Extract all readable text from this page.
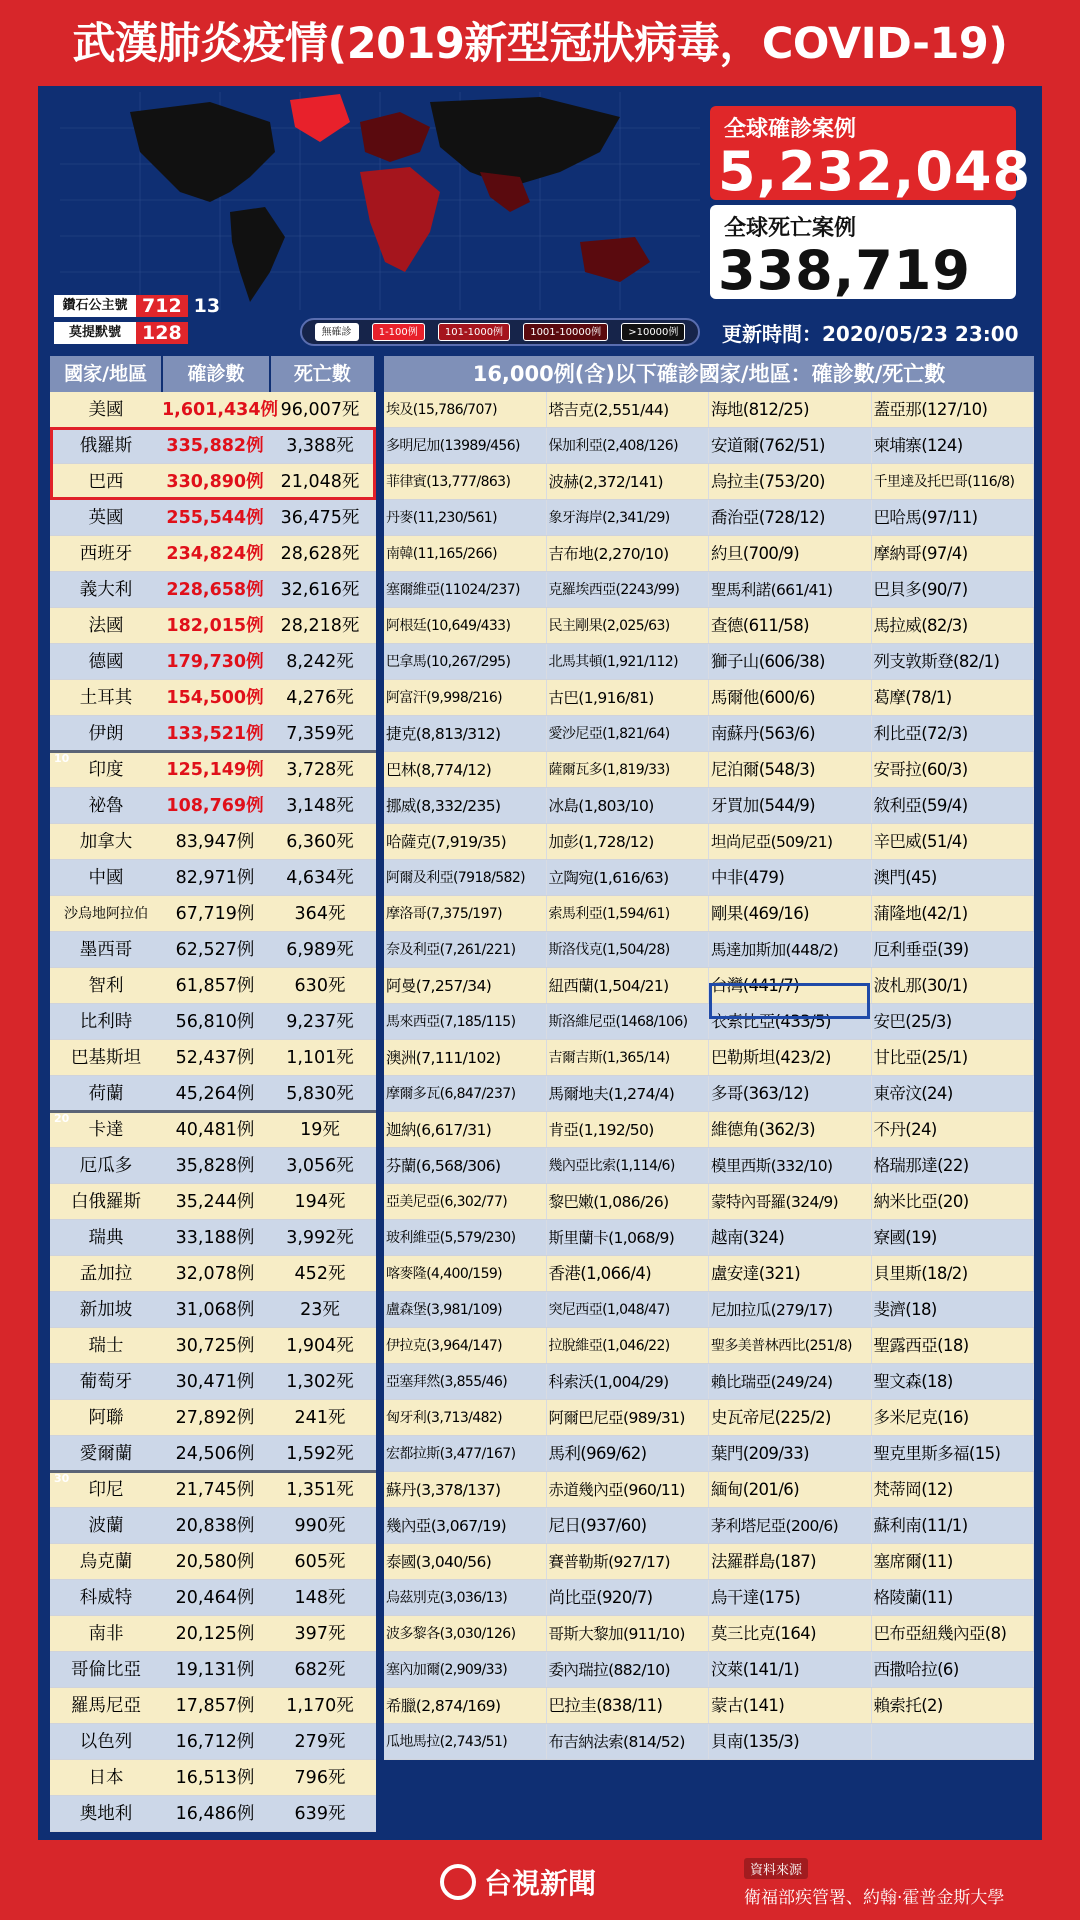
武漢肺炎疫情(2019新型冠狀病毒，COVID-19)
鑽石公主號 712 13
莫提默號	128	無確診	1-100例	101-1000例	1001-10000例	>10000例
全球確診案例
5,232,048
全球死亡案例
338,719
更新時間：2020/05/23 23:00
國家/地區	確診數	死亡數
美國	1,601,434例 96,007死
俄羅斯	335,882例	3,388死
巴西	330,890例 21,048死
英國	255,544例 36,475死
西班牙	234,824例 28,628死
義大利	228,658例 32,616死
法國	182,015例 28,218死
德國	179,730例	8,242死
土耳其	154,500例	4,276死
伊朗	133,521例	7,359死
印度	125,149例	3,728死
祕魯	108,769例	3,148死
加拿大	83,947例	6,360死
中國	82,971例	4,634死
沙烏地阿拉伯	67,719例	364死
墨西哥	62,527例	6,989死
智利	61,857例	630死
比利時	56,810例	9,237死
巴基斯坦	52,437例	1,101死
荷蘭	45,264例	5,830死
卡達	40,481例	19死
厄瓜多	35,828例	3,056死
白俄羅斯	35,244例	194死
瑞典	33,188例	3,992死
孟加拉	32,078例	452死
新加坡	31,068例	23死
瑞士	30,725例	1,904死
葡萄牙	30,471例	1,302死
阿聯	27,892例	241死
愛爾蘭	24,506例	1,592死
印尼	21,745例	1,351死
波蘭	20,838例	990死
烏克蘭	20,580例	605死
科威特	20,464例	148死
南非	20,125例	397死
哥倫比亞	19,131例	682死
羅馬尼亞	17,857例	1,170死
以色列	16,712例	279死
日本	16,513例	796死
奧地利	16,486例	639死
16,000例(含)以下確診國家/地區：確診數/死亡數
埃及(15,786/707)	塔吉克(2,551/44)	海地(812/25)	蓋亞那(127/10)
多明尼加(13989/456)	保加利亞(2,408/126)	安道爾(762/51)	柬埔寨(124)
菲律賓(13,777/863)	波赫(2,372/141)	烏拉圭(753/20)	千里達及托巴哥(116/8)
丹麥(11,230/561)	象牙海岸(2,341/29)	喬治亞(728/12)	巴哈馬(97/11)
南韓(11,165/266)	吉布地(2,270/10)	約旦(700/9)	摩納哥(97/4)
塞爾維亞(11024/237)	克羅埃西亞(2243/99)	聖馬利諾(661/41)	巴貝多(90/7)
阿根廷(10,649/433)	民主剛果(2,025/63)	查德(611/58)	馬拉威(82/3)
巴拿馬(10,267/295)	北馬其頓(1,921/112)	獅子山(606/38)	列支敦斯登(82/1)
阿富汗(9,998/216)	古巴(1,916/81)	馬爾他(600/6)	葛摩(78/1)
捷克(8,813/312)	愛沙尼亞(1,821/64)	南蘇丹(563/6)	利比亞(72/3)
巴林(8,774/12)	薩爾瓦多(1,819/33)	尼泊爾(548/3)	安哥拉(60/3)
挪威(8,332/235)	冰島(1,803/10)	牙買加(544/9)	敘利亞(59/4)
哈薩克(7,919/35)	加彭(1,728/12)	坦尚尼亞(509/21)	辛巴威(51/4)
阿爾及利亞(7918/582)	立陶宛(1,616/63)	中非(479)	澳門(45)
摩洛哥(7,375/197)	索馬利亞(1,594/61)	剛果(469/16)	蒲隆地(42/1)
奈及利亞(7,261/221)	斯洛伐克(1,504/28)	馬達加斯加(448/2)	厄利垂亞(39)
阿曼(7,257/34)	紐西蘭(1,504/21)	台灣(441/7)	波札那(30/1)
馬來西亞(7,185/115)	斯洛維尼亞(1468/106)	衣索比亞(433/5)	安巴(25/3)
澳洲(7,111/102)	吉爾吉斯(1,365/14)	巴勒斯坦(423/2)	甘比亞(25/1)
摩爾多瓦(6,847/237)	馬爾地夫(1,274/4)	多哥(363/12)	東帝汶(24)
迦納(6,617/31)	肯亞(1,192/50)	維德角(362/3)	不丹(24)
芬蘭(6,568/306)	幾內亞比索(1,114/6)	模里西斯(332/10)	格瑞那達(22)
亞美尼亞(6,302/77)	黎巴嫩(1,086/26)	蒙特內哥羅(324/9)	納米比亞(20)
玻利維亞(5,579/230)	斯里蘭卡(1,068/9)	越南(324)	寮國(19)
喀麥隆(4,400/159)	香港(1,066/4)	盧安達(321)	貝里斯(18/2)
盧森堡(3,981/109)	突尼西亞(1,048/47)	尼加拉瓜(279/17)	斐濟(18)
伊拉克(3,964/147)	拉脫維亞(1,046/22)	聖多美普林西比(251/8)	聖露西亞(18)
亞塞拜然(3,855/46)	科索沃(1,004/29)	賴比瑞亞(249/24)	聖文森(18)
匈牙利(3,713/482)	阿爾巴尼亞(989/31)	史瓦帝尼(225/2)	多米尼克(16)
宏都拉斯(3,477/167)	馬利(969/62)	葉門(209/33)	聖克里斯多福(15)
蘇丹(3,378/137)	赤道幾內亞(960/11)	緬甸(201/6)	梵蒂岡(12)
幾內亞(3,067/19)	尼日(937/60)	茅利塔尼亞(200/6)	蘇利南(11/1)
泰國(3,040/56)	賽普勒斯(927/17)	法羅群島(187)	塞席爾(11)
烏茲別克(3,036/13)	尚比亞(920/7)	烏干達(175)	格陵蘭(11)
波多黎各(3,030/126)	哥斯大黎加(911/10)	莫三比克(164)	巴布亞紐幾內亞(8)
塞內加爾(2,909/33)	委內瑞拉(882/10)	汶萊(141/1)	西撒哈拉(6)
希臘(2,874/169)	巴拉圭(838/11)	蒙古(141)	賴索托(2)
瓜地馬拉(2,743/51)	布吉納法索(814/52)	貝南(135/3)
台視新聞	資料來源
衛福部疾管署、約翰·霍普金斯大學
10
20
30
